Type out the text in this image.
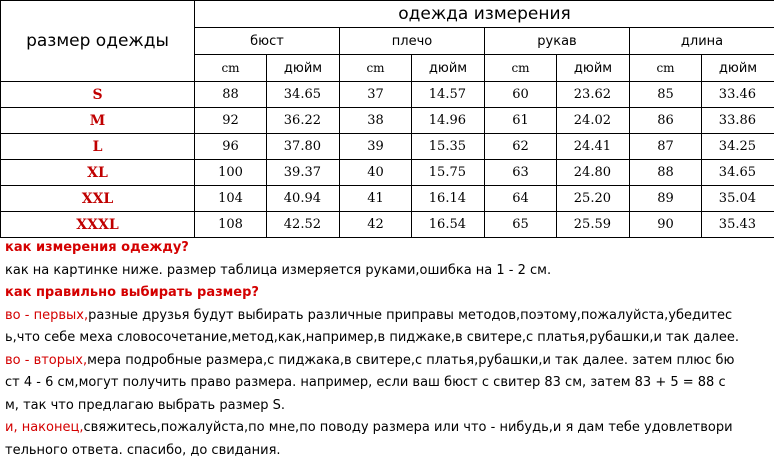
размер одежды	одежда измерения							
	бюст		плечо		рукав		длина	
	cm	дюйм	cm	дюйм	cm	дюйм	cm	дюйм
S	88	34.65	37	14.57	60	23.62	85	33.46
M	92	36.22	38	14.96	61	24.02	86	33.86
L	96	37.80	39	15.35	62	24.41	87	34.25
XL	100	39.37	40	15.75	63	24.80	88	34.65
XXL	104	40.94	41	16.14	64	25.20	89	35.04
XXXL	108	42.52	42	16.54	65	25.59	90	35.43
как измерения одежду?
как на картинке ниже. размер таблица измеряется руками,ошибка на 1 - 2 см.
как правильно выбирать размер?
во - первых,разные друзья будут выбирать различные приправы методов,поэтому,пожалуйста,убедитес
ь,что себе меха словосочетание,метод,как,например,в пиджаке,в свитере,с платья,рубашки,и так далее.
во - вторых,мера подробные размера,с пиджака,в свитере,с платья,рубашки,и так далее. затем плюс бю
ст 4 - 6 см,могут получить право размера. например, если ваш бюст с свитер 83 см, затем 83 + 5 = 88 с
м, так что предлагаю выбрать размер S.
и, наконец,свяжитесь,пожалуйста,по мне,по поводу размера или что - нибудь,и я дам тебе удовлетвори
тельного ответа. спасибо, до свидания.
